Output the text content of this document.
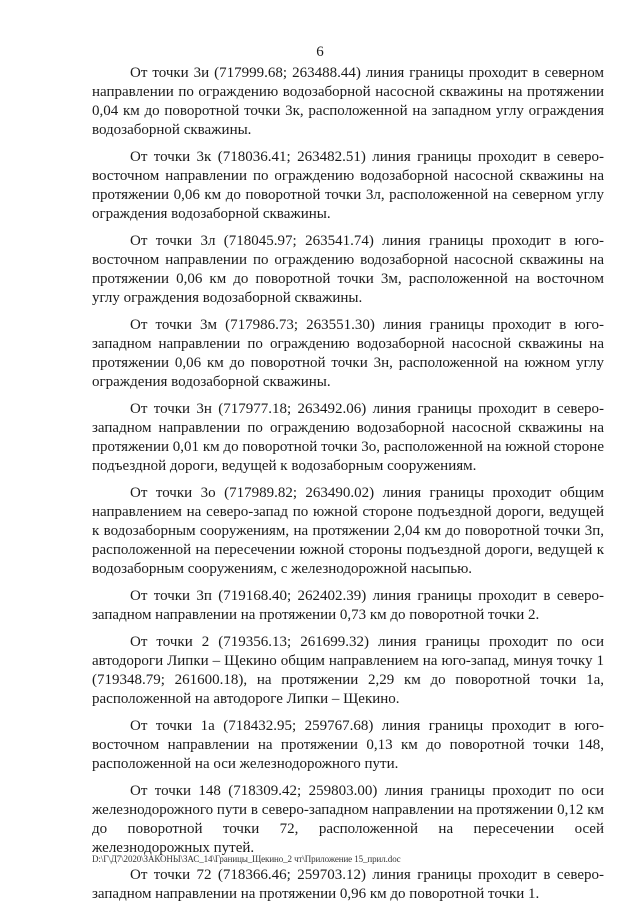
6

От точки 3и (717999.68; 263488.44) линия границы проходит в северном направлении по ограждению водозаборной насосной скважины на протяжении 0,04 км до поворотной точки 3к, расположенной на западном углу ограждения водозаборной скважины.

От точки 3к (718036.41; 263482.51) линия границы проходит в северо-восточном направлении по ограждению водозаборной насосной скважины на протяжении 0,06 км до поворотной точки 3л, расположенной на северном углу ограждения водозаборной скважины.

От точки 3л (718045.97; 263541.74) линия границы проходит в юго-восточном направлении по ограждению водозаборной насосной скважины на протяжении 0,06 км до поворотной точки 3м, расположенной на восточном углу ограждения водозаборной скважины.

От точки 3м (717986.73; 263551.30) линия границы проходит в юго-западном направлении по ограждению водозаборной насосной скважины на протяжении 0,06 км до поворотной точки 3н, расположенной на южном углу ограждения водозаборной скважины.

От точки 3н (717977.18; 263492.06) линия границы проходит в северо-западном направлении по ограждению водозаборной насосной скважины на протяжении 0,01 км до поворотной точки 3о, расположенной на южной стороне подъездной дороги, ведущей к водозаборным сооружениям.

От точки 3о (717989.82; 263490.02) линия границы проходит общим направлением на северо-запад по южной стороне подъездной дороги, ведущей к водозаборным сооружениям, на протяжении 2,04 км до поворотной точки 3п, расположенной на пересечении южной стороны подъездной дороги, ведущей к водозаборным сооружениям, с железнодорожной насыпью.

От точки 3п (719168.40; 262402.39) линия границы проходит в северо-западном направлении на протяжении 0,73 км до поворотной точки 2.

От точки 2 (719356.13; 261699.32) линия границы проходит по оси автодороги Липки – Щекино общим направлением на юго-запад, минуя точку 1 (719348.79; 261600.18), на протяжении 2,29 км до поворотной точки 1а, расположенной на автодороге Липки – Щекино.

От точки 1а (718432.95; 259767.68) линия границы проходит в юго-восточном направлении на протяжении 0,13 км до поворотной точки 148, расположенной на оси железнодорожного пути.

От точки 148 (718309.42; 259803.00) линия границы проходит по оси железнодорожного пути в северо-западном направлении на протяжении 0,12 км до поворотной точки 72, расположенной на пересечении осей железнодорожных путей.

От точки 72 (718366.46; 259703.12) линия границы проходит в северо-западном направлении на протяжении 0,96 км до поворотной точки 1.

D:\Г\Д7\2020\ЗАКОНЫ\ЗАС_14\Границы_Щекино_2 чт\Приложение 15_прил.doc
